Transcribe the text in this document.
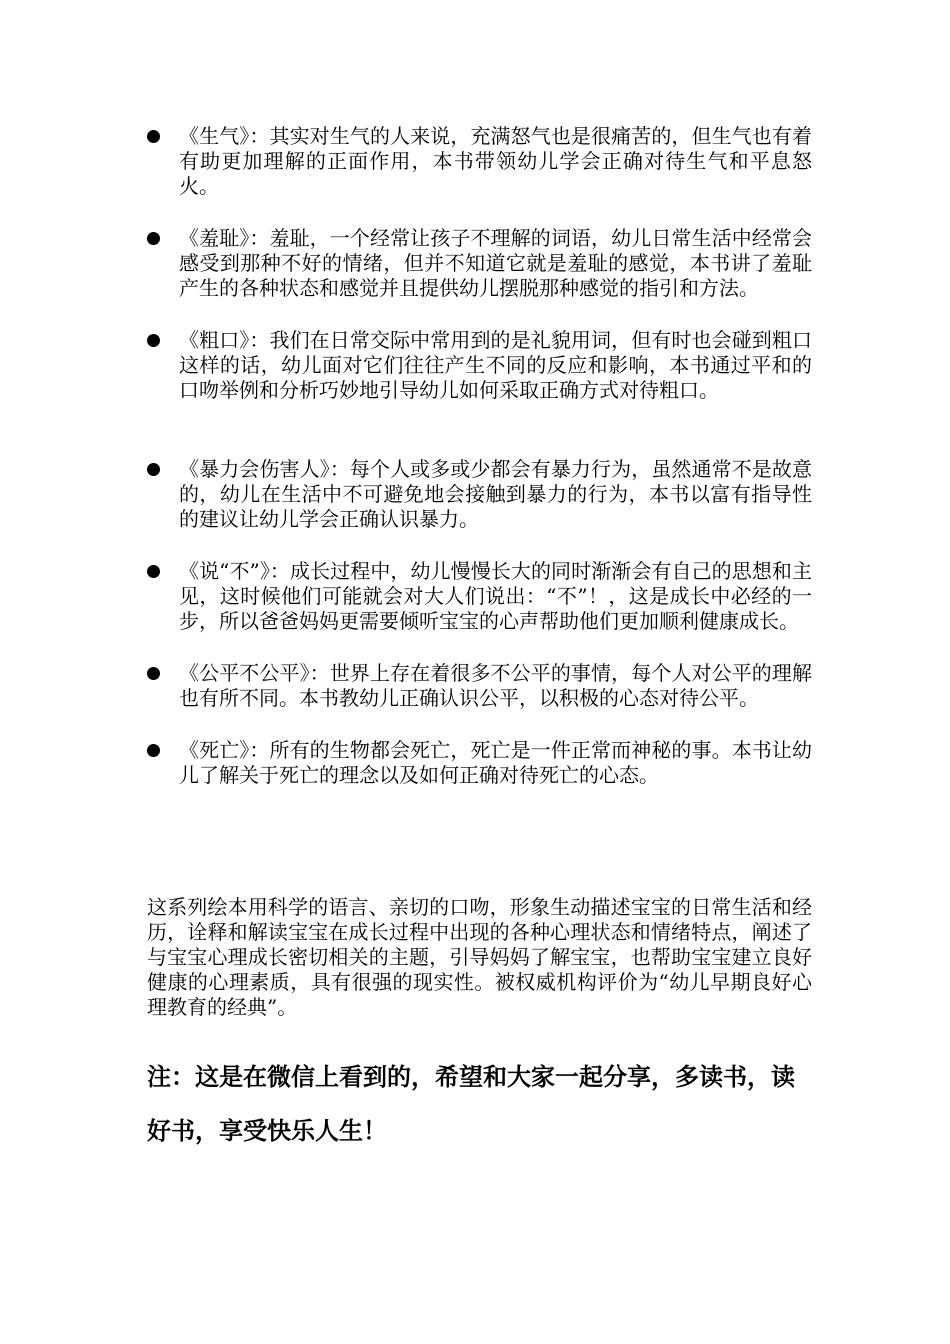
《生气》：其实对生气的人来说，充满怒气也是很痛苦的，但生气也有着有助更加理解的正面作用，本书带领幼儿学会正确对待生气和平息怒火。
《羞耻》：羞耻，一个经常让孩子不理解的词语，幼儿日常生活中经常会感受到那种不好的情绪，但并不知道它就是羞耻的感觉，本书讲了羞耻产生的各种状态和感觉并且提供幼儿摆脱那种感觉的指引和方法。
《粗口》：我们在日常交际中常用到的是礼貌用词，但有时也会碰到粗口这样的话，幼儿面对它们往往产生不同的反应和影响，本书通过平和的口吻举例和分析巧妙地引导幼儿如何采取正确方式对待粗口。
《暴力会伤害人》：每个人或多或少都会有暴力行为，虽然通常不是故意的，幼儿在生活中不可避免地会接触到暴力的行为，本书以富有指导性的建议让幼儿学会正确认识暴力。
《说“不”》：成长过程中，幼儿慢慢长大的同时渐渐会有自己的思想和主见，这时候他们可能就会对大人们说出：“不”！，这是成长中必经的一步，所以爸爸妈妈更需要倾听宝宝的心声帮助他们更加顺利健康成长。
《公平不公平》：世界上存在着很多不公平的事情，每个人对公平的理解也有所不同。本书教幼儿正确认识公平，以积极的心态对待公平。
《死亡》：所有的生物都会死亡，死亡是一件正常而神秘的事。本书让幼儿了解关于死亡的理念以及如何正确对待死亡的心态。

这系列绘本用科学的语言、亲切的口吻，形象生动描述宝宝的日常生活和经历，诠释和解读宝宝在成长过程中出现的各种心理状态和情绪特点，阐述了与宝宝心理成长密切相关的主题，引导妈妈了解宝宝，也帮助宝宝建立良好健康的心理素质，具有很强的现实性。被权威机构评价为“幼儿早期良好心理教育的经典”。

注：这是在微信上看到的，希望和大家一起分享，多读书，读好书，享受快乐人生！
